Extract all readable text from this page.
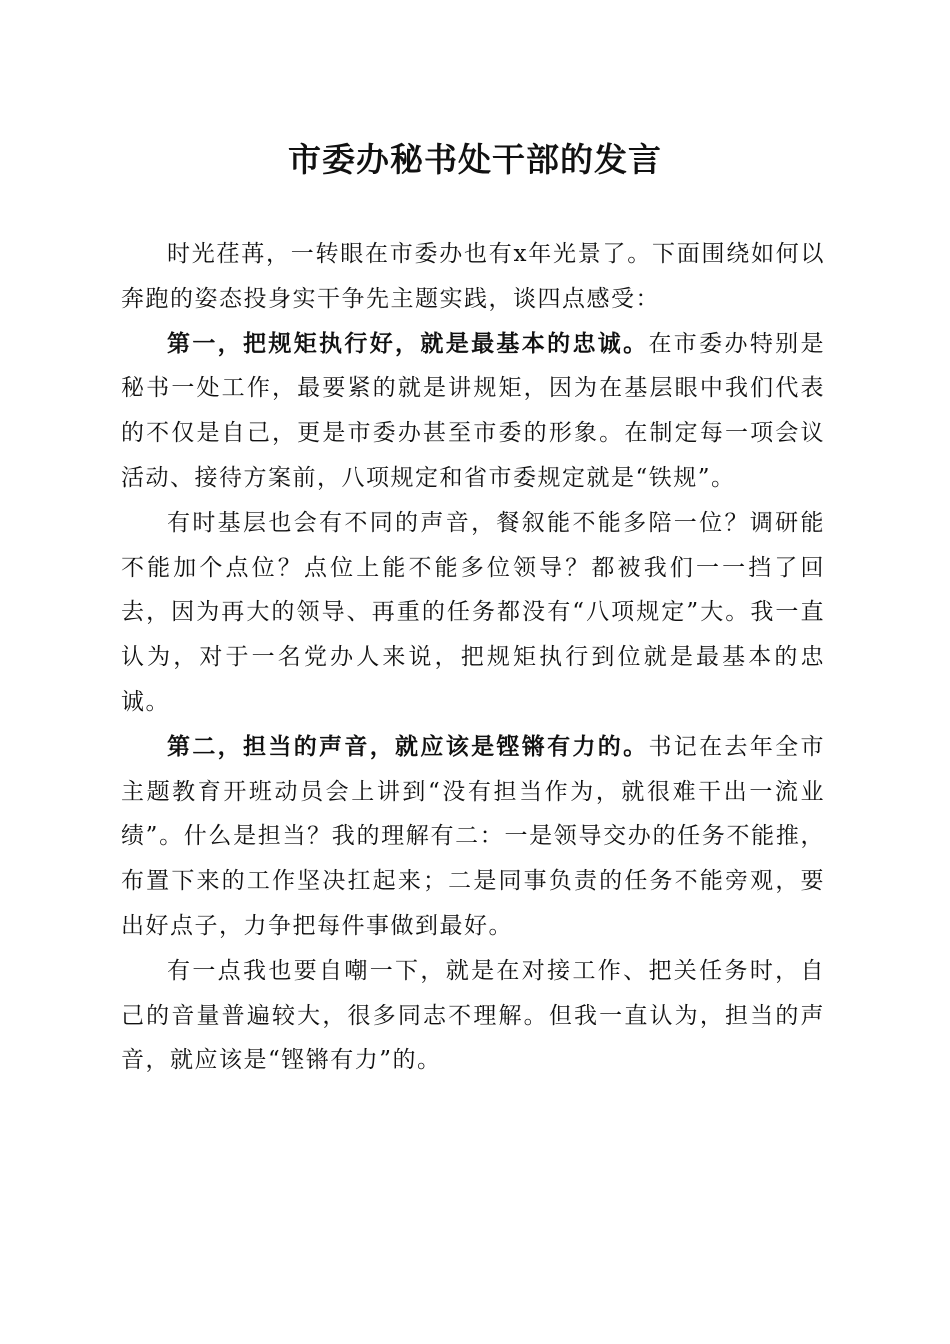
市委办秘书处干部的发言

时光荏苒，一转眼在市委办也有x年光景了。下面围绕如何以奔跑的姿态投身实干争先主题实践，谈四点感受：

第一，把规矩执行好，就是最基本的忠诚。在市委办特别是秘书一处工作，最要紧的就是讲规矩，因为在基层眼中我们代表的不仅是自己，更是市委办甚至市委的形象。在制定每一项会议活动、接待方案前，八项规定和省市委规定就是“铁规”。

有时基层也会有不同的声音，餐叙能不能多陪一位？调研能不能加个点位？点位上能不能多位领导？都被我们一一挡了回去，因为再大的领导、再重的任务都没有“八项规定”大。我一直认为，对于一名党办人来说，把规矩执行到位就是最基本的忠诚。

第二，担当的声音，就应该是铿锵有力的。书记在去年全市主题教育开班动员会上讲到“没有担当作为，就很难干出一流业绩”。什么是担当？我的理解有二：一是领导交办的任务不能推，布置下来的工作坚决扛起来；二是同事负责的任务不能旁观，要出好点子，力争把每件事做到最好。

有一点我也要自嘲一下，就是在对接工作、把关任务时，自己的音量普遍较大，很多同志不理解。但我一直认为，担当的声音，就应该是“铿锵有力”的。
